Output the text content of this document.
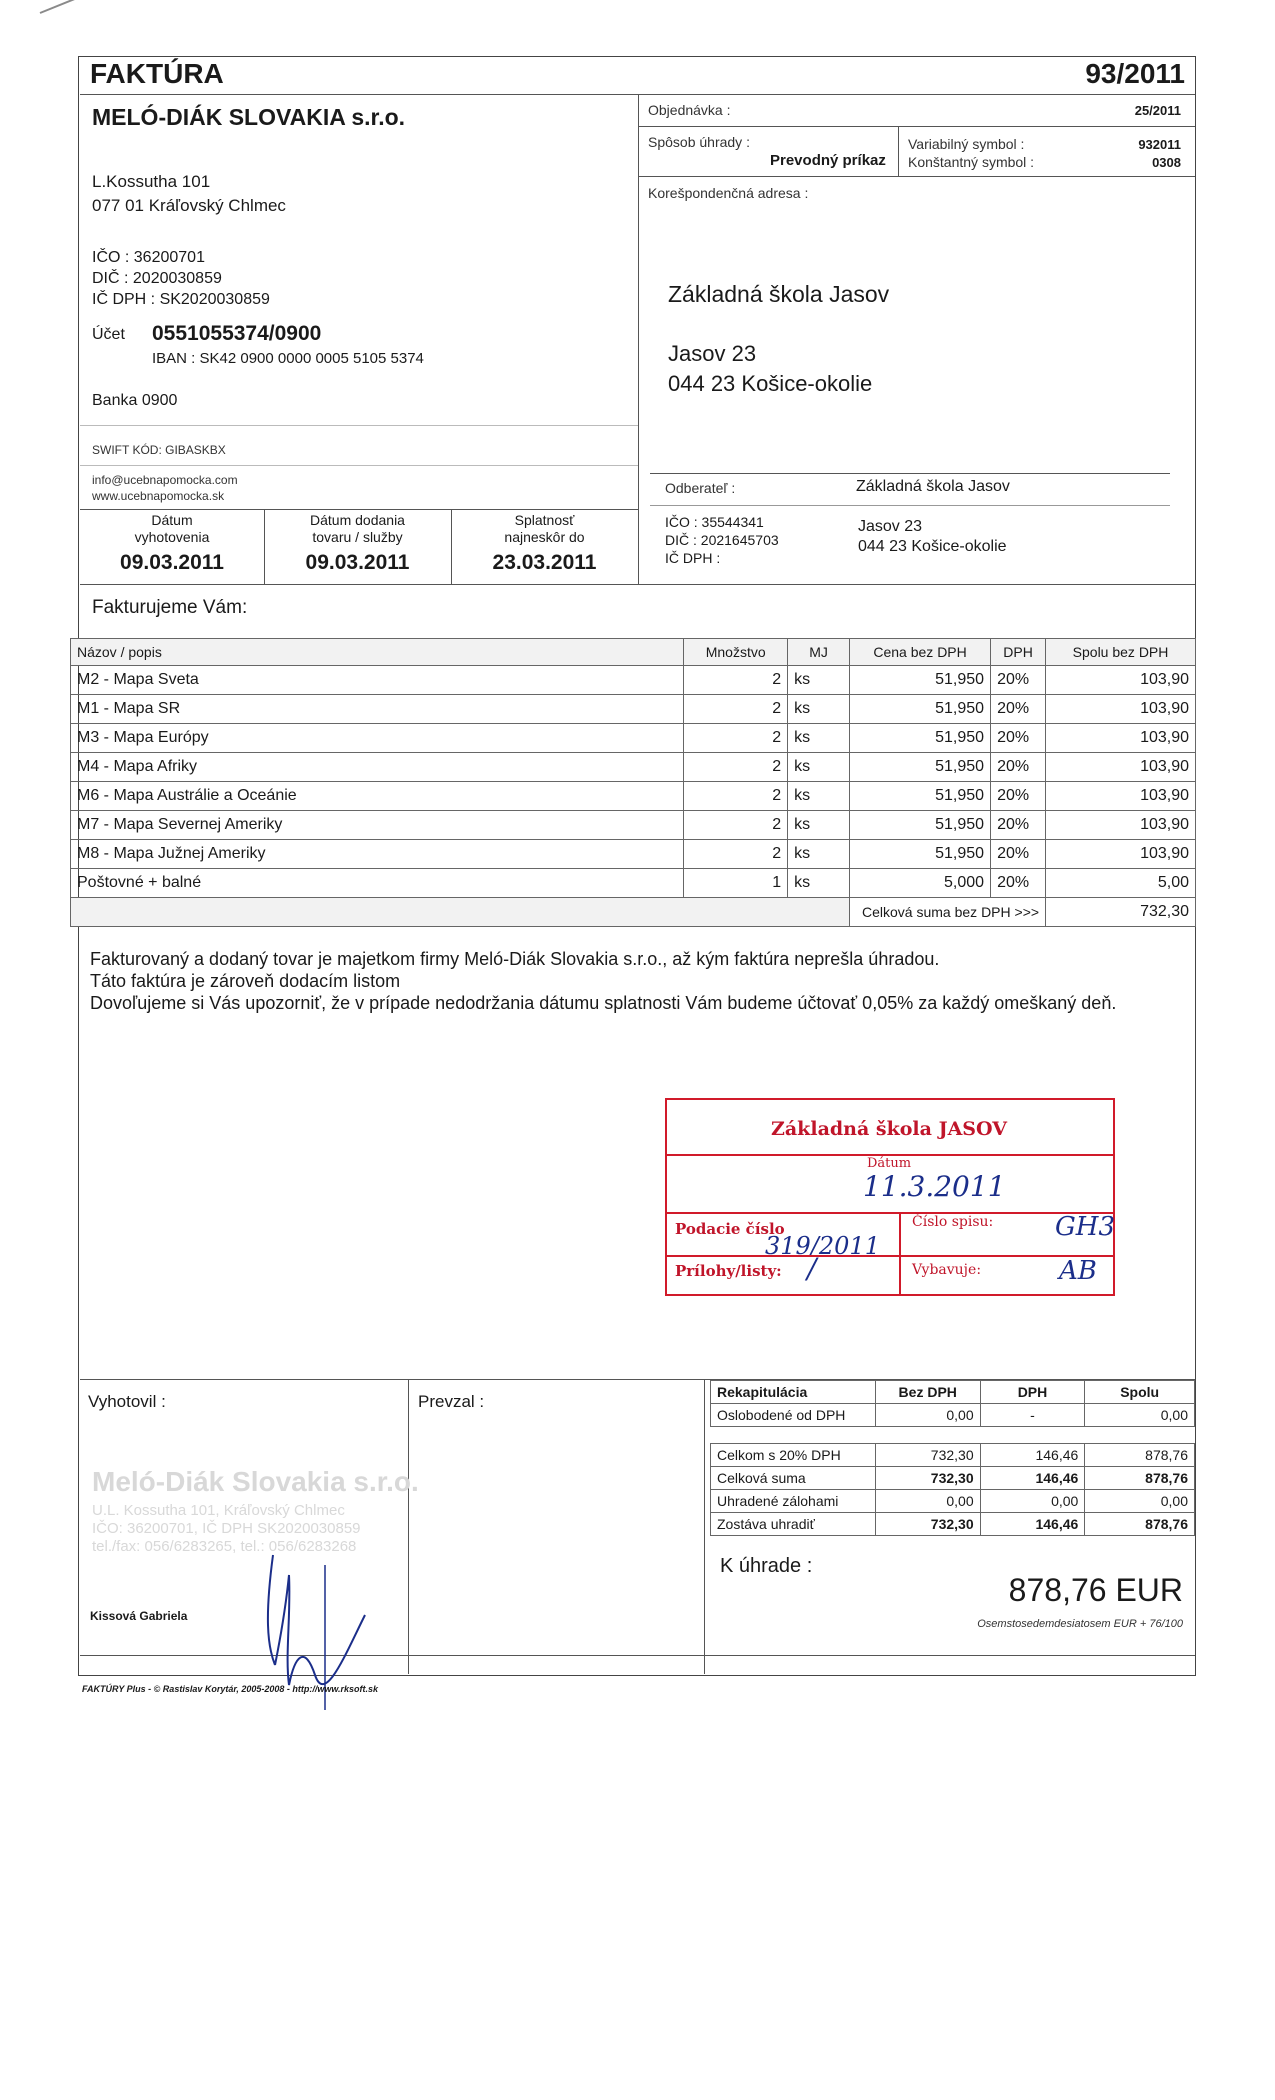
FAKTÚRA	93/2011
MELÓ-DIÁK SLOVAKIA s.r.o.	Objednávka :	25/2011
Spôsob úhrady :
Prevodný príkaz
Variabilný symbol :	932011
Konštantný symbol :	0308
Korešpondenčná adresa :
L.Kossutha 101
077 01 Kráľovský Chlmec
IČO : 36200701
DIČ : 2020030859
IČ DPH : SK2020030859
Účet 0551055374/0900
IBAN : SK42 0900 0000 0005 5105 5374
Banka 0900
SWIFT KÓD: GIBASKBX
info@ucebnapomocka.com
www.ucebnapomocka.sk
Základná škola Jasov
Jasov 23
044 23 Košice-okolie
Dátum
vyhotovenia
09.03.2011
Dátum dodania
tovaru / služby
09.03.2011
Splatnosť
najneskôr do
23.03.2011
Odberateľ :	Základná škola Jasov
IČO : 35544341
DIČ : 2021645703
IČ DPH :
Jasov 23
044 23 Košice-okolie
Fakturujeme Vám:
Názov / popis	Množstvo	MJ	Cena bez DPH	DPH	Spolu bez DPH
M2 - Mapa Sveta	2	ks	51,950	20%	103,90
M1 - Mapa SR	2	ks	51,950	20%	103,90
M3 - Mapa Európy	2	ks	51,950	20%	103,90
M4 - Mapa Afriky	2	ks	51,950	20%	103,90
M6 - Mapa Austrálie a Oceánie	2	ks	51,950	20%	103,90
M7 - Mapa Severnej Ameriky	2	ks	51,950	20%	103,90
M8 - Mapa Južnej Ameriky	2	ks	51,950	20%	103,90
Poštovné + balné	1	ks	5,000	20%	5,00
			Celková suma bez DPH >>>		732,30
Fakturovaný a dodaný tovar je majetkom firmy Meló-Diák Slovakia s.r.o., až kým faktúra neprešla úhradou.
Táto faktúra je zároveň dodacím listom
Dovoľujeme si Vás upozorniť, že v prípade nedodržania dátumu splatnosti Vám budeme účtovať 0,05% za každý omeškaný deň.
Základná škola JASOV
Dátum
11.3.2011
Podacie číslo
319/2011
Číslo spisu: GH3
Prílohy/listy: /	Vybavuje:	AB
Vyhotovil :	Prevzal :
Meló-Diák Slovakia s.r.o.
U.L. Kossutha 101, Kráľovský Chlmec
IČO: 36200701, IČ DPH SK2020030859
tel./fax: 056/6283265, tel.: 056/6283268
Kissová Gabriela
FAKTÚRY Plus - © Rastislav Korytár, 2005-2008 - http://www.rksoft.sk
Rekapitulácia	Bez DPH	DPH	Spolu
Oslobodené od DPH	0,00	-	0,00

Celkom s 20% DPH	732,30	146,46	878,76
Celková suma	732,30	146,46	878,76
Uhradené zálohami	0,00	0,00	0,00
Zostáva uhradiť	732,30	146,46	878,76
K úhrade :
878,76 EUR
Osemstosedemdesiatosem EUR + 76/100
